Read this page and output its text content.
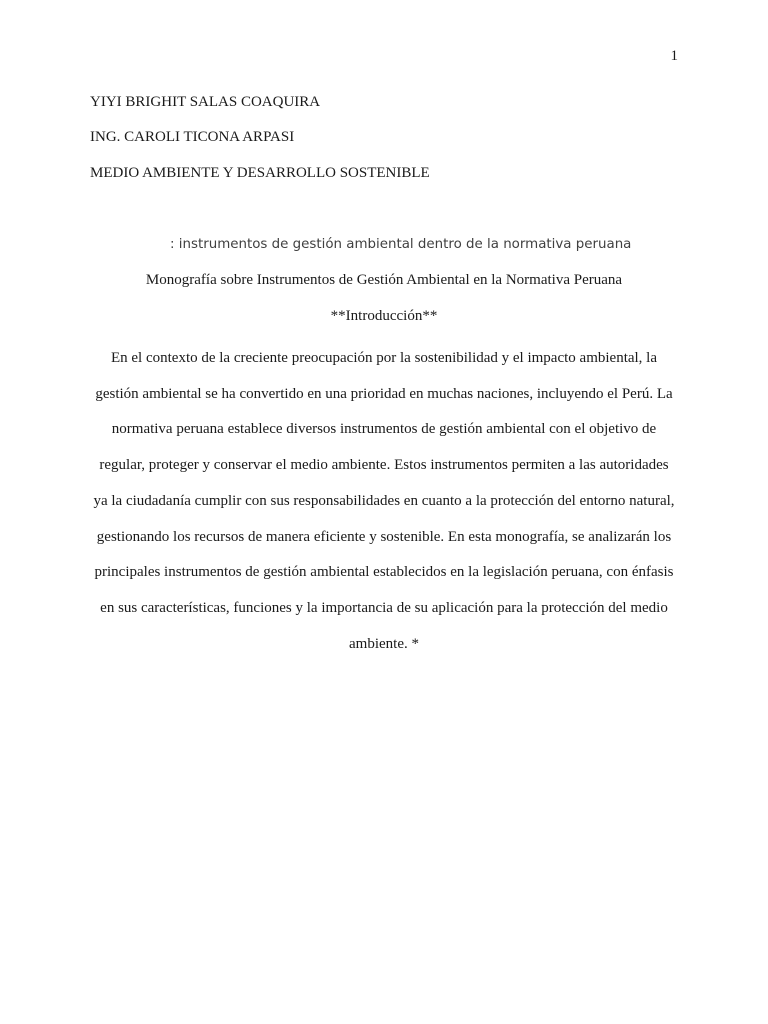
1
YIYI BRIGHIT SALAS COAQUIRA
ING. CAROLI TICONA ARPASI
MEDIO AMBIENTE Y DESARROLLO SOSTENIBLE
: instrumentos de gestión ambiental dentro de la normativa peruana
Monografía sobre Instrumentos de Gestión Ambiental en la Normativa Peruana
**Introducción**
En el contexto de la creciente preocupación por la sostenibilidad y el impacto ambiental, la
gestión ambiental se ha convertido en una prioridad en muchas naciones, incluyendo el Perú. La
normativa peruana establece diversos instrumentos de gestión ambiental con el objetivo de
regular, proteger y conservar el medio ambiente. Estos instrumentos permiten a las autoridades
ya la ciudadanía cumplir con sus responsabilidades en cuanto a la protección del entorno natural,
gestionando los recursos de manera eficiente y sostenible. En esta monografía, se analizarán los
principales instrumentos de gestión ambiental establecidos en la legislación peruana, con énfasis
en sus características, funciones y la importancia de su aplicación para la protección del medio
ambiente. *
